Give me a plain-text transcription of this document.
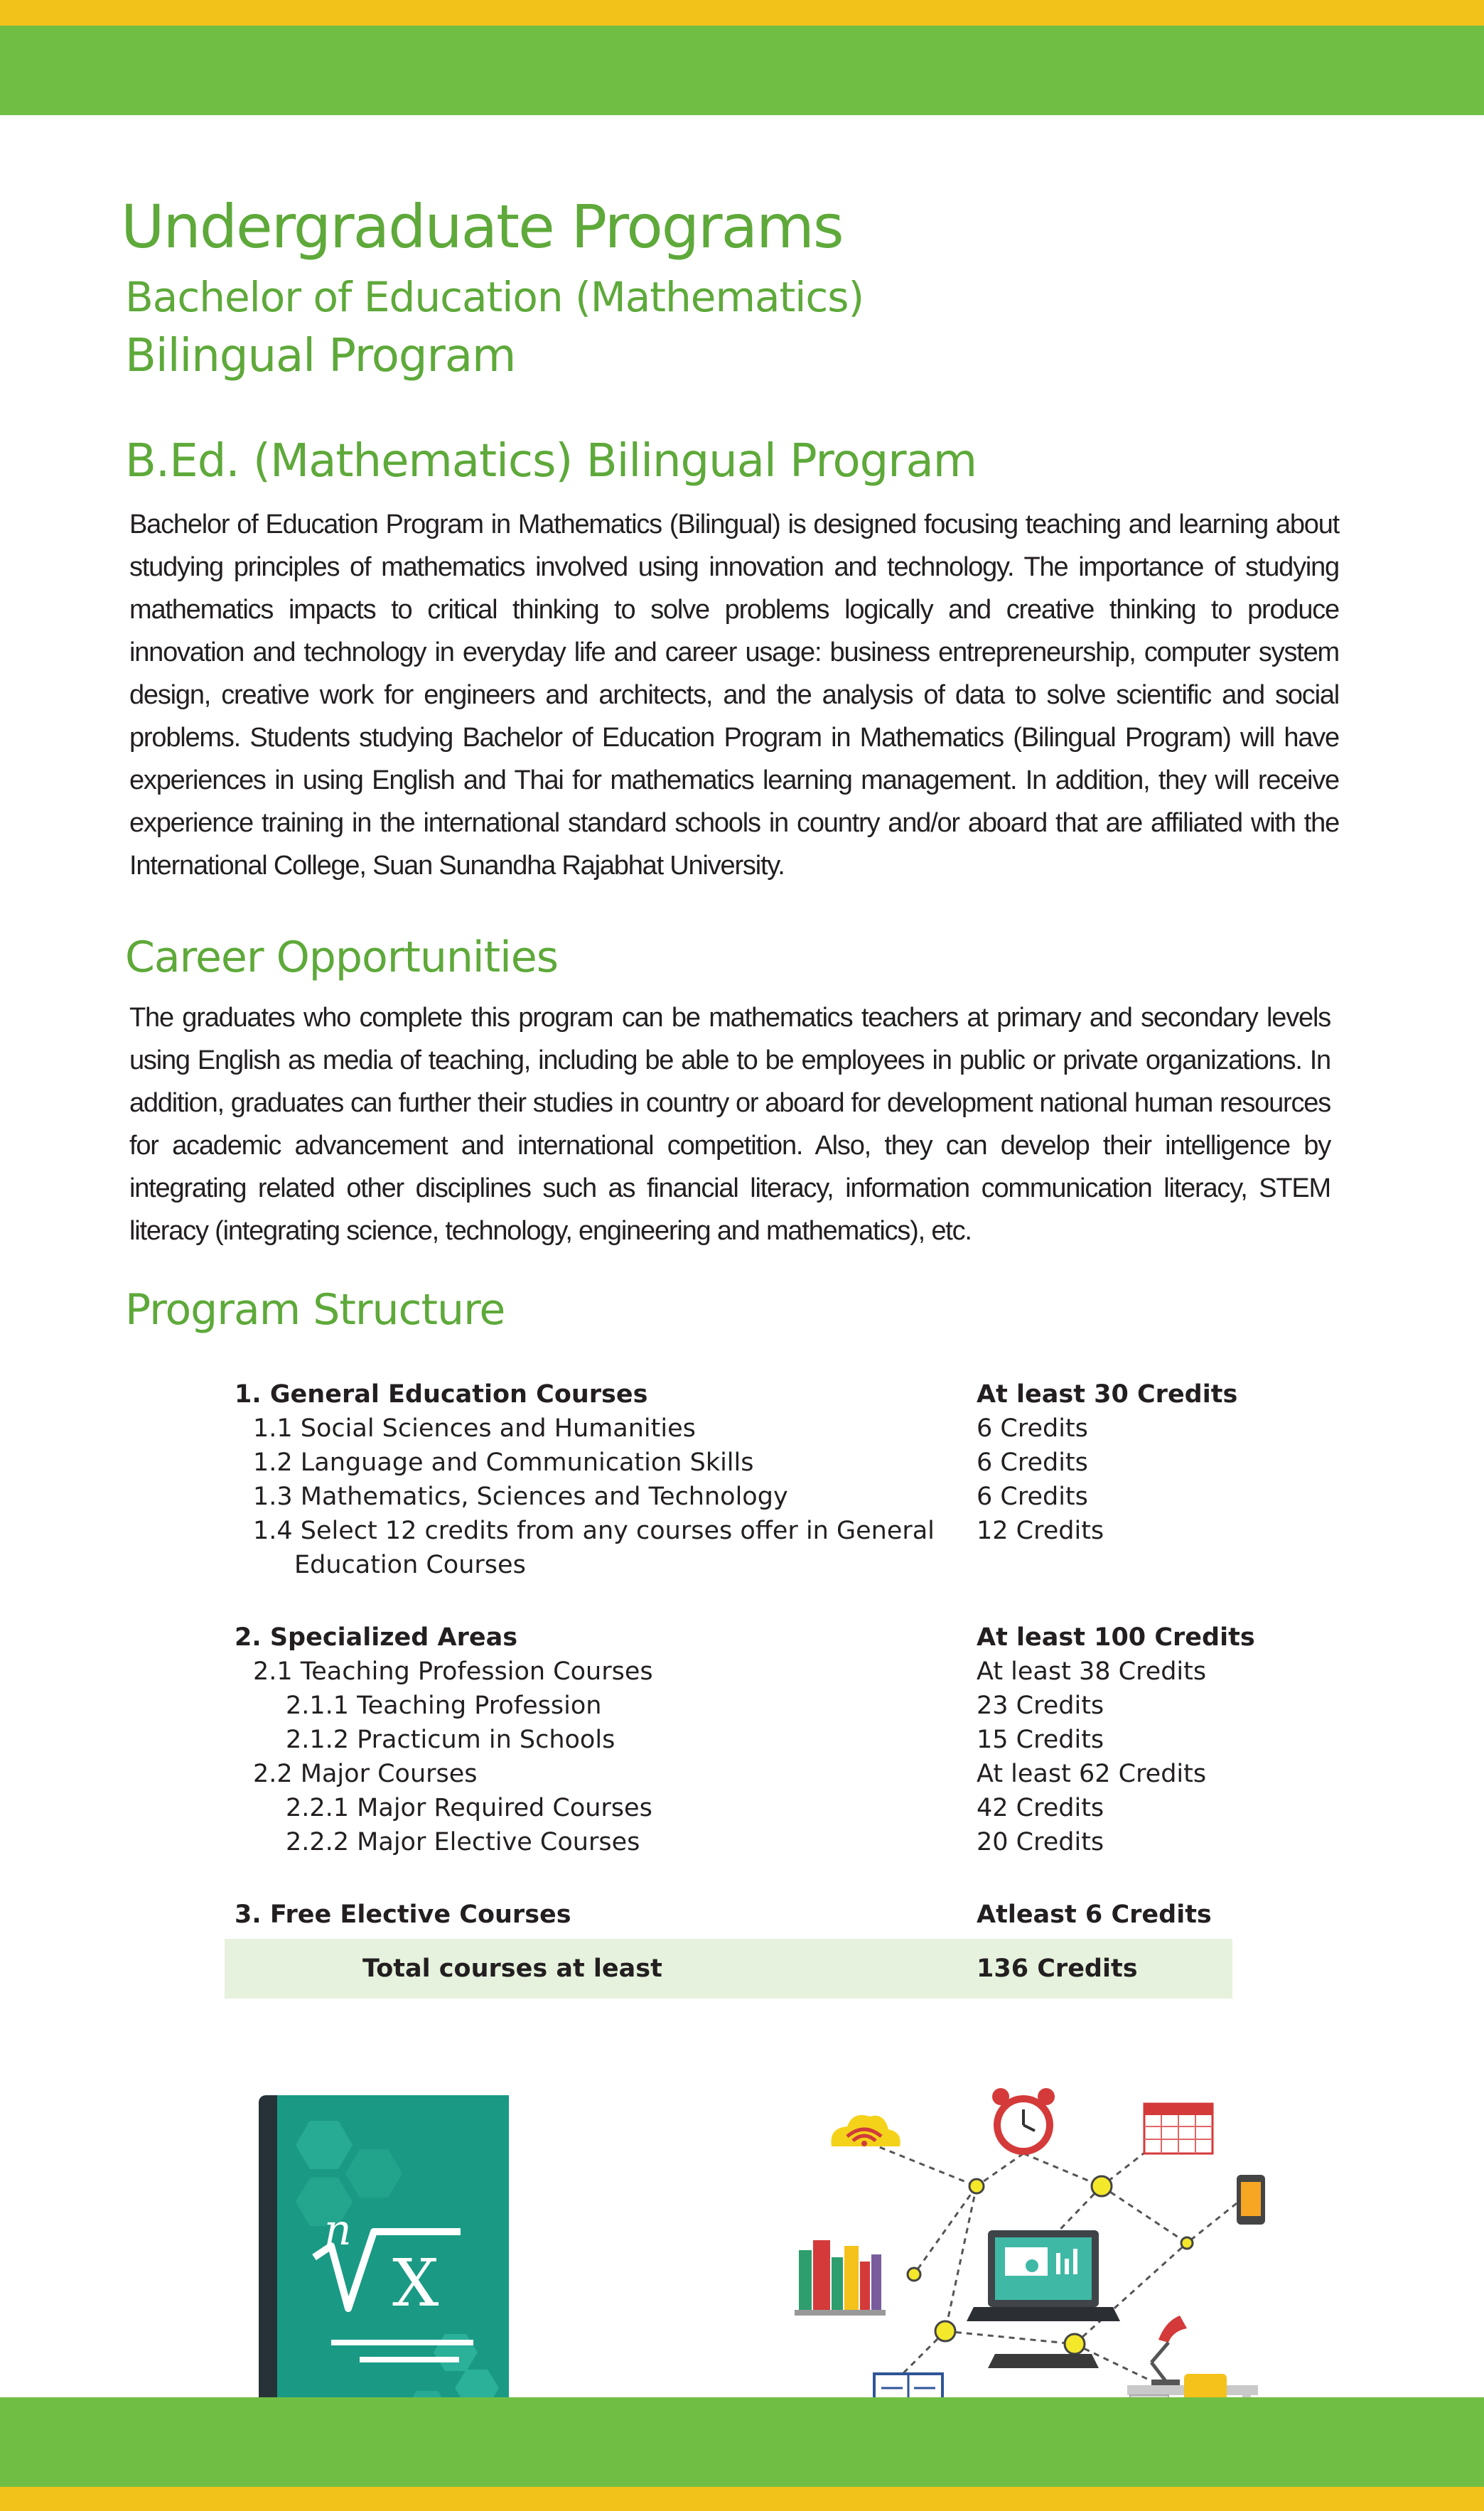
Undergraduate Programs
Bachelor of Education (Mathematics)
Bilingual Program
B.Ed. (Mathematics) Bilingual Program

Bachelor of Education Program in Mathematics (Bilingual) is designed focusing teaching and learning about studying principles of mathematics involved using innovation and technology. The importance of studying mathematics impacts to critical thinking to solve problems logically and creative thinking to produce innovation and technology in everyday life and career usage: business entrepreneurship, computer system design, creative work for engineers and architects, and the analysis of data to solve scientific and social problems. Students studying Bachelor of Education Program in Mathematics (Bilingual Program) will have experiences in using English and Thai for mathematics learning management. In addition, they will receive experience training in the international standard schools in country and/or aboard that are affiliated with the International College, Suan Sunandha Rajabhat University.

Career Opportunities

The graduates who complete this program can be mathematics teachers at primary and secondary levels using English as media of teaching, including be able to be employees in public or private organizations. In addition, graduates can further their studies in country or aboard for development national human resources for academic advancement and international competition. Also, they can develop their intelligence by integrating related other disciplines such as financial literacy, information communication literacy, STEM literacy (integrating science, technology, engineering and mathematics), etc.

Program Structure
1. General Education Courses	At least 30 Credits
1.1 Social Sciences and Humanities	6 Credits
1.2 Language and Communication Skills	6 Credits
1.3 Mathematics, Sciences and Technology	6 Credits
1.4 Select 12 credits from any courses offer in General 12 Credits
Education Courses
2. Specialized Areas	At least 100 Credits
2.1 Teaching Profession Courses	At least 38 Credits
2.1.1 Teaching Profession	23 Credits
2.1.2 Practicum in Schools	15 Credits
2.2 Major Courses	At least 62 Credits
2.2.1 Major Required Courses	42 Credits
2.2.2 Major Elective Courses	20 Credits
3. Free Elective Courses	Atleast 6 Credits
Total courses at least	136 Credits
n
X
